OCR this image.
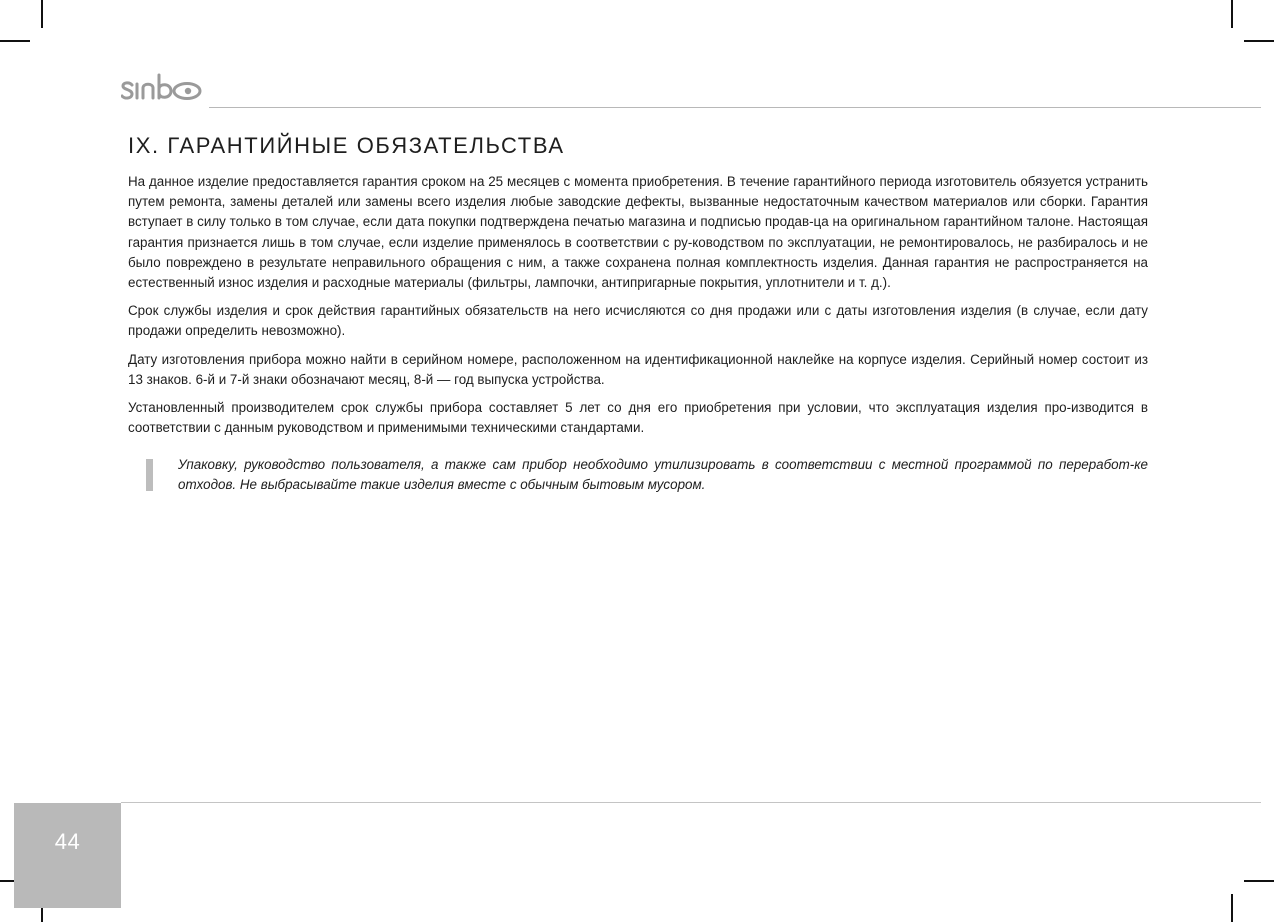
IX. ГАРАНТИЙНЫЕ ОБЯЗАТЕЛЬСТВА

На данное изделие предоставляется гарантия сроком на 25 месяцев с момента приобретения. В течение гарантийного периода изготовитель обязуется устранить путем ремонта, замены деталей или замены всего изделия любые заводские дефекты, вызванные недостаточным качеством материалов или сборки. Гарантия вступает в силу только в том случае, если дата покупки подтверждена печатью магазина и подписью продав-ца на оригинальном гарантийном талоне. Настоящая гарантия признается лишь в том случае, если изделие применялось в соответствии с ру-ководством по эксплуатации, не ремонтировалось, не разбиралось и не было повреждено в результате неправильного обращения с ним, а также сохранена полная комплектность изделия. Данная гарантия не распространяется на естественный износ изделия и расходные материалы (фильтры, лампочки, антипригарные покрытия, уплотнители и т. д.).

Срок службы изделия и срок действия гарантийных обязательств на него исчисляются со дня продажи или с даты изготовления изделия (в случае, если дату продажи определить невозможно).

Дату изготовления прибора можно найти в серийном номере, расположенном на идентификационной наклейке на корпусе изделия. Серийный номер состоит из 13 знаков. 6-й и 7-й знаки обозначают месяц, 8-й — год выпуска устройства.

Установленный производителем срок службы прибора составляет 5 лет со дня его приобретения при условии, что эксплуатация изделия про-изводится в соответствии с данным руководством и применимыми техническими стандартами.

Упаковку, руководство пользователя, а также сам прибор необходимо утилизировать в соответствии с местной программой по переработ-ке отходов. Не выбрасывайте такие изделия вместе с обычным бытовым мусором.

44
